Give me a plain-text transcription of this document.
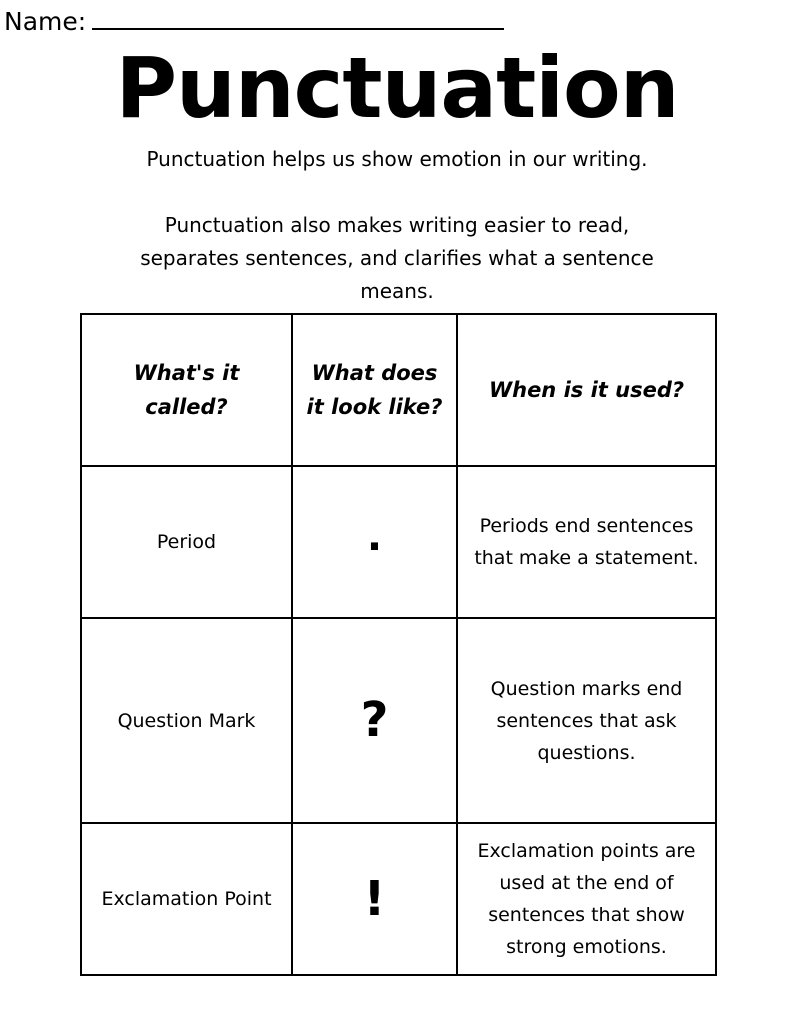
Name:
Punctuation
Punctuation helps us show emotion in our writing.
Punctuation also makes writing easier to read, separates sentences, and clarifies what a sentence means.
What's it called?	What does it look like?	When is it used?
Period	.	Periods end sentences that make a statement.
Question Mark	?	Question marks end sentences that ask questions.
Exclamation Point	!	Exclamation points are used at the end of sentences that show strong emotions.
